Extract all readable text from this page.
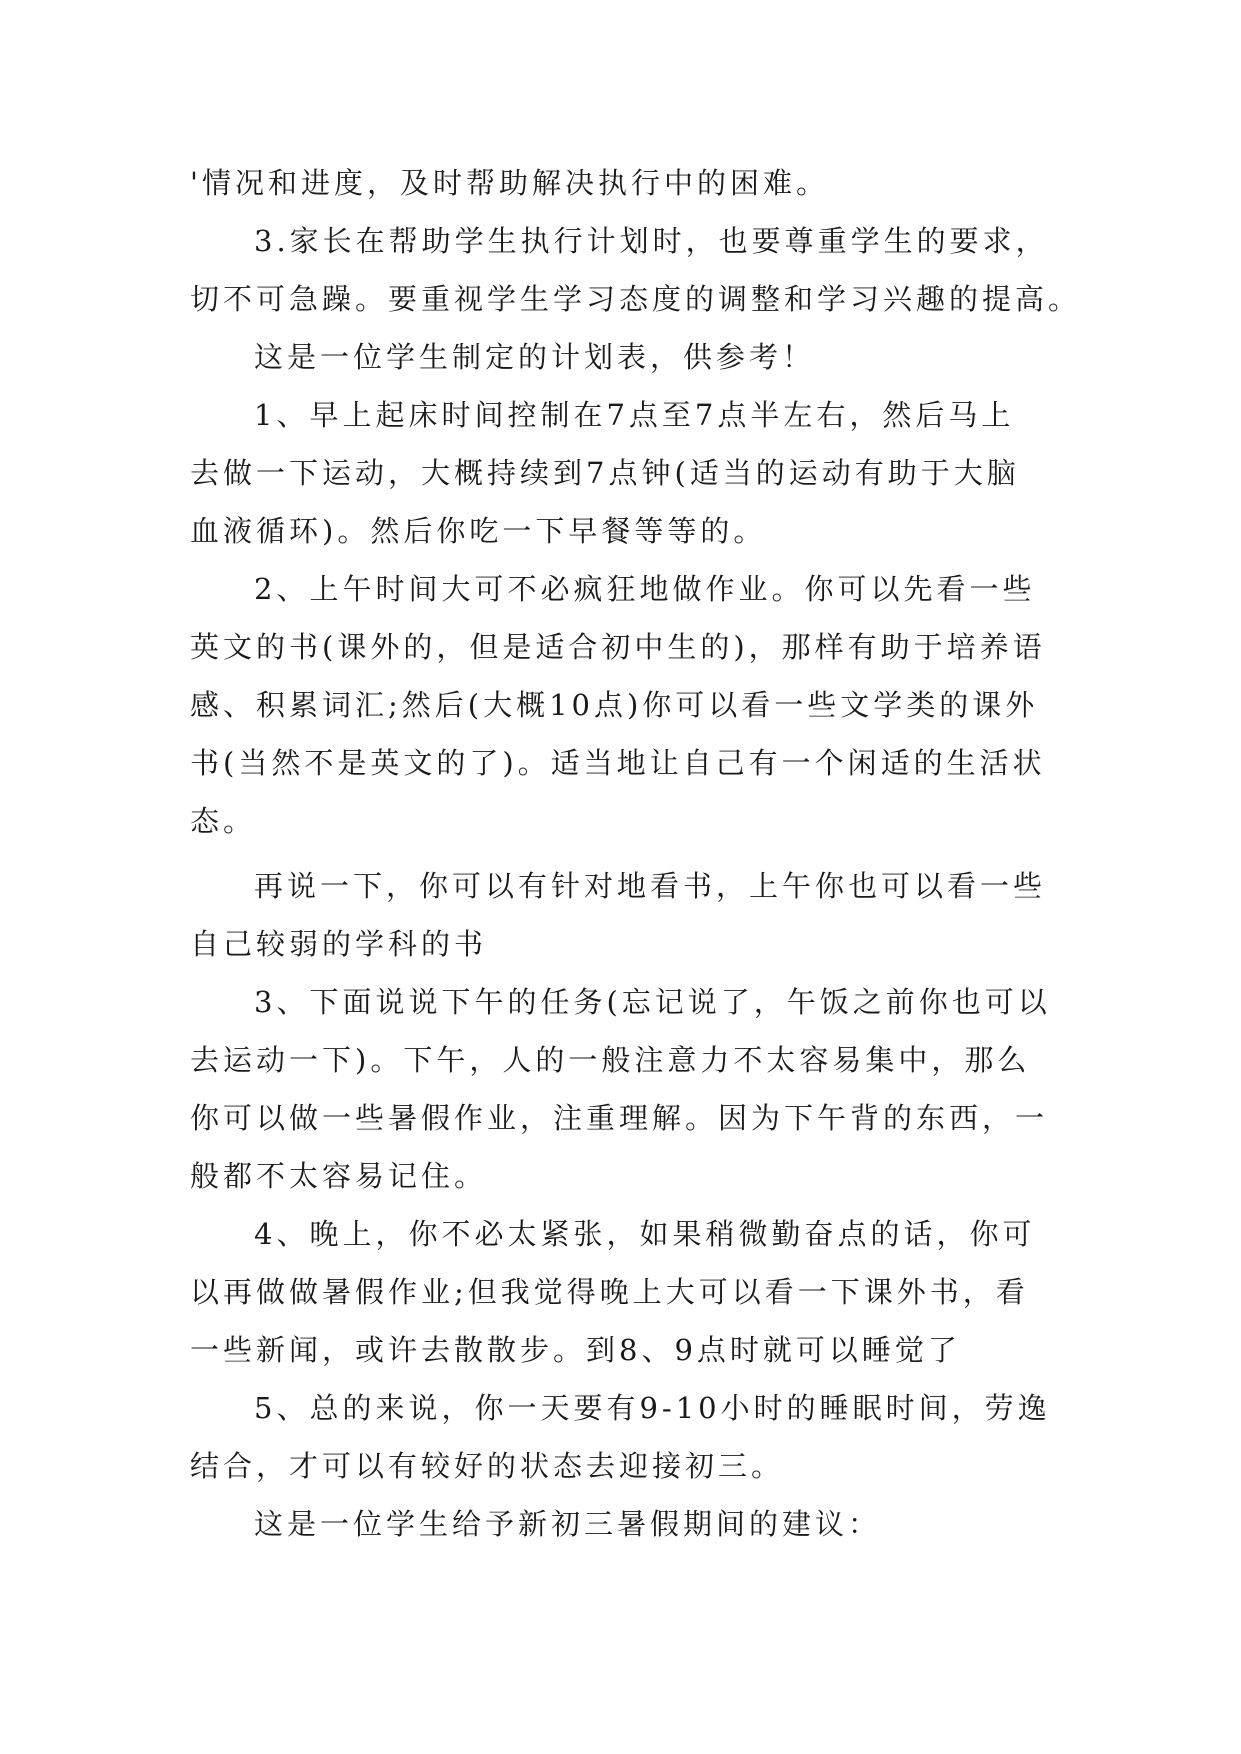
'情况和进度，及时帮助解决执行中的困难。

3.家长在帮助学生执行计划时，也要尊重学生的要求，

切不可急躁。要重视学生学习态度的调整和学习兴趣的提高。

这是一位学生制定的计划表，供参考！

1、早上起床时间控制在7点至7点半左右，然后马上

去做一下运动，大概持续到7点钟(适当的运动有助于大脑

血液循环)。然后你吃一下早餐等等的。

2、上午时间大可不必疯狂地做作业。你可以先看一些

英文的书(课外的，但是适合初中生的)，那样有助于培养语

感、积累词汇;然后(大概10点)你可以看一些文学类的课外

书(当然不是英文的了)。适当地让自己有一个闲适的生活状

态。

再说一下，你可以有针对地看书，上午你也可以看一些

自己较弱的学科的书

3、下面说说下午的任务(忘记说了，午饭之前你也可以

去运动一下)。下午，人的一般注意力不太容易集中，那么

你可以做一些暑假作业，注重理解。因为下午背的东西，一

般都不太容易记住。

4、晚上，你不必太紧张，如果稍微勤奋点的话，你可

以再做做暑假作业;但我觉得晚上大可以看一下课外书，看

一些新闻，或许去散散步。到8、9点时就可以睡觉了

5、总的来说，你一天要有9-10小时的睡眠时间，劳逸

结合，才可以有较好的状态去迎接初三。

这是一位学生给予新初三暑假期间的建议：
